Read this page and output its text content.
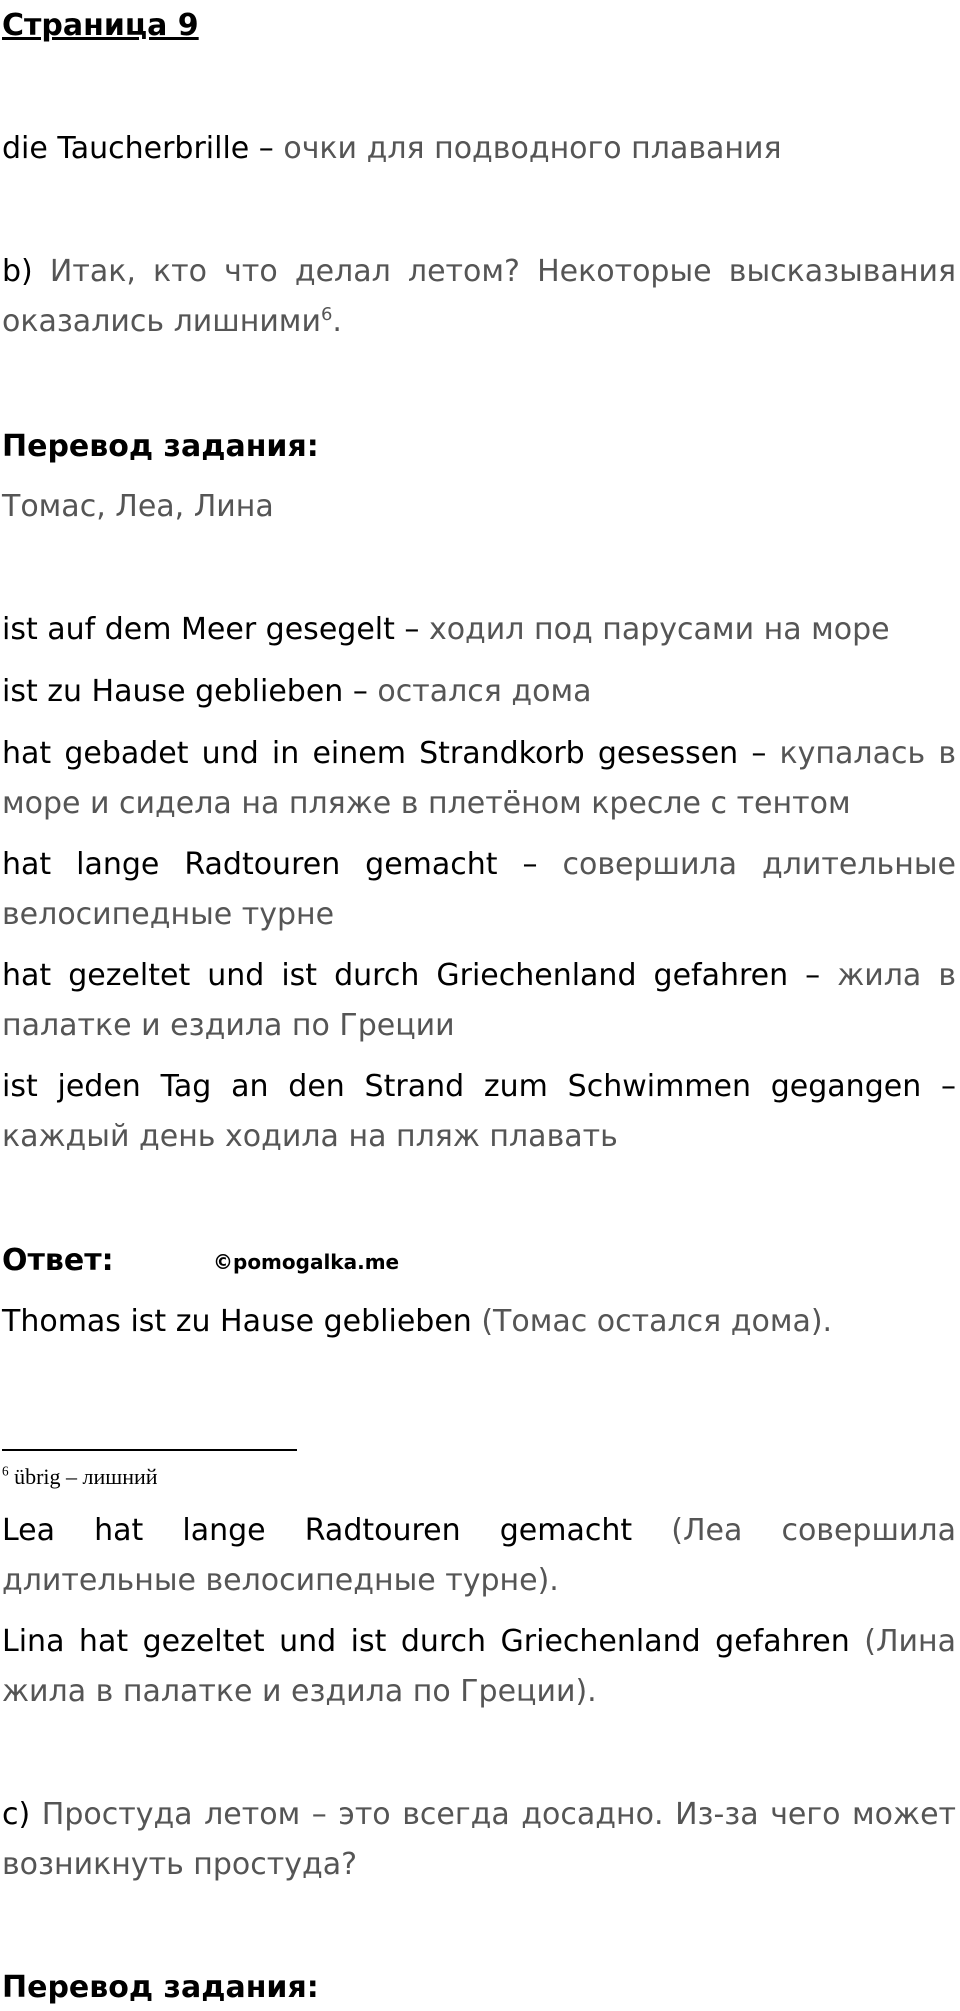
Страница 9

die Taucherbrille – очки для подводного плавания

b) Итак, кто что делал летом? Некоторые высказывания оказались лишними$^6$.

Перевод задания:

Томас, Леа, Лина

ist auf dem Meer gesegelt – ходил под парусами на море

ist zu Hause geblieben – остался дома

hat gebadet und in einem Strandkorb gesessen – купалась в море и сидела на пляже в плетёном кресле с тентом

hat lange Radtouren gemacht – совершила длительные велосипедные турне

hat gezeltet und ist durch Griechenland gefahren – жила в палатке и ездила по Греции

ist jeden Tag an den Strand zum Schwimmen gegangen – каждый день ходила на пляж плавать

Ответ:	©pomogalka.me

Thomas ist zu Hause geblieben (Томас остался дома).

$^6$ übrig – лишний

Lea hat lange Radtouren gemacht (Леа совершила длительные велосипедные турне).

Lina hat gezeltet und ist durch Griechenland gefahren (Лина жила в палатке и ездила по Греции).

c) Простуда летом – это всегда досадно. Из-за чего может возникнуть простуда?

Перевод задания:
